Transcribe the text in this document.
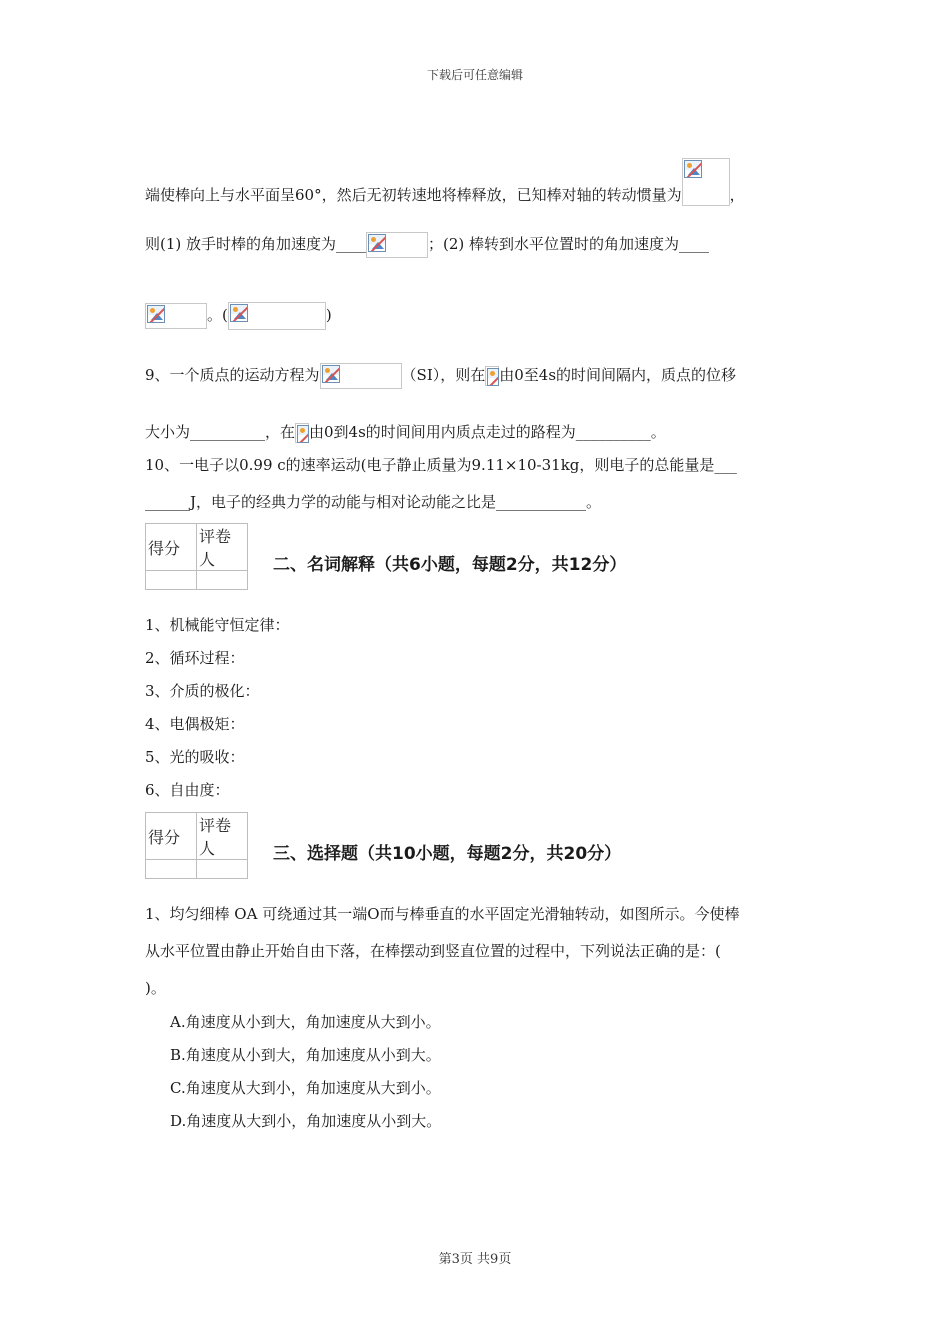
下载后可任意编辑
端使棒向上与水平面呈60°，然后无初转速地将棒释放，已知棒对轴的转动惯量为	，
则(1) 放手时棒的角加速度为____	；(2) 棒转到水平位置时的角加速度为____
。(	)
9、一个质点的运动方程为	（SI），则在 由0至4s的时间间隔内，质点的位移
大小为__________，在 由0到4s的时间间用内质点走过的路程为__________。
10、一电子以0.99 c的速率运动(电子静止质量为9.11×10-31kg，则电子的总能量是___
______J，电子的经典力学的动能与相对论动能之比是____________。
得分	评卷人
		二、名词解释（共6小题，每题2分，共12分）
1、机械能守恒定律：
2、循环过程：
3、介质的极化：
4、电偶极矩：
5、光的吸收：
6、自由度：
得分	评卷人
		三、选择题（共10小题，每题2分，共20分）
1、均匀细棒 OA 可绕通过其一端O而与棒垂直的水平固定光滑轴转动，如图所示。今使棒
从水平位置由静止开始自由下落，在棒摆动到竖直位置的过程中，下列说法正确的是：(
)。
A.角速度从小到大，角加速度从大到小。
B.角速度从小到大，角加速度从小到大。
C.角速度从大到小，角加速度从大到小。
D.角速度从大到小，角加速度从小到大。
第3页 共9页
